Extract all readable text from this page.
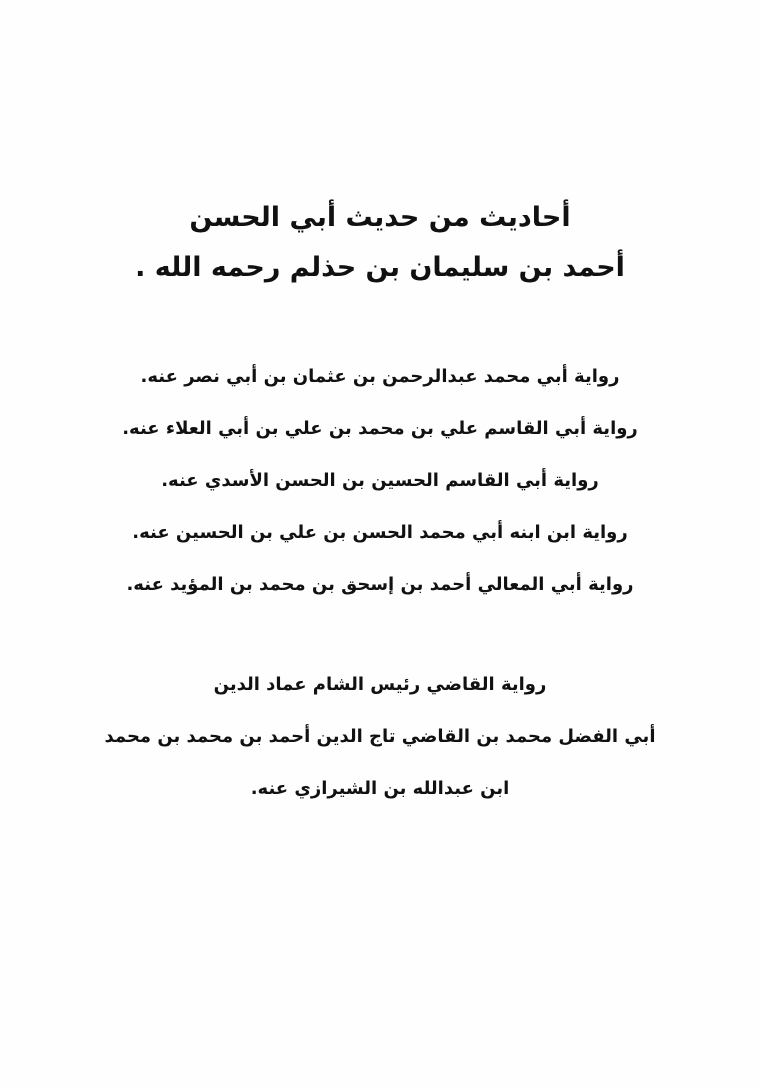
أحاديث من حديث أبي الحسن
أحمد بن سليمان بن حذلم رحمه الله .
رواية أبي محمد عبدالرحمن بن عثمان بن أبي نصر عنه.
رواية أبي القاسم علي بن محمد بن علي بن أبي العلاء عنه.
رواية أبي القاسم الحسين بن الحسن الأسدي عنه.
رواية ابن ابنه أبي محمد الحسن بن علي بن الحسين عنه.
رواية أبي المعالي أحمد بن إسحق بن محمد بن المؤيد عنه.
رواية القاضي رئيس الشام عماد الدين
أبي الفضل محمد بن القاضي تاج الدين أحمد بن محمد بن محمد
ابن عبدالله بن الشيرازي عنه.
